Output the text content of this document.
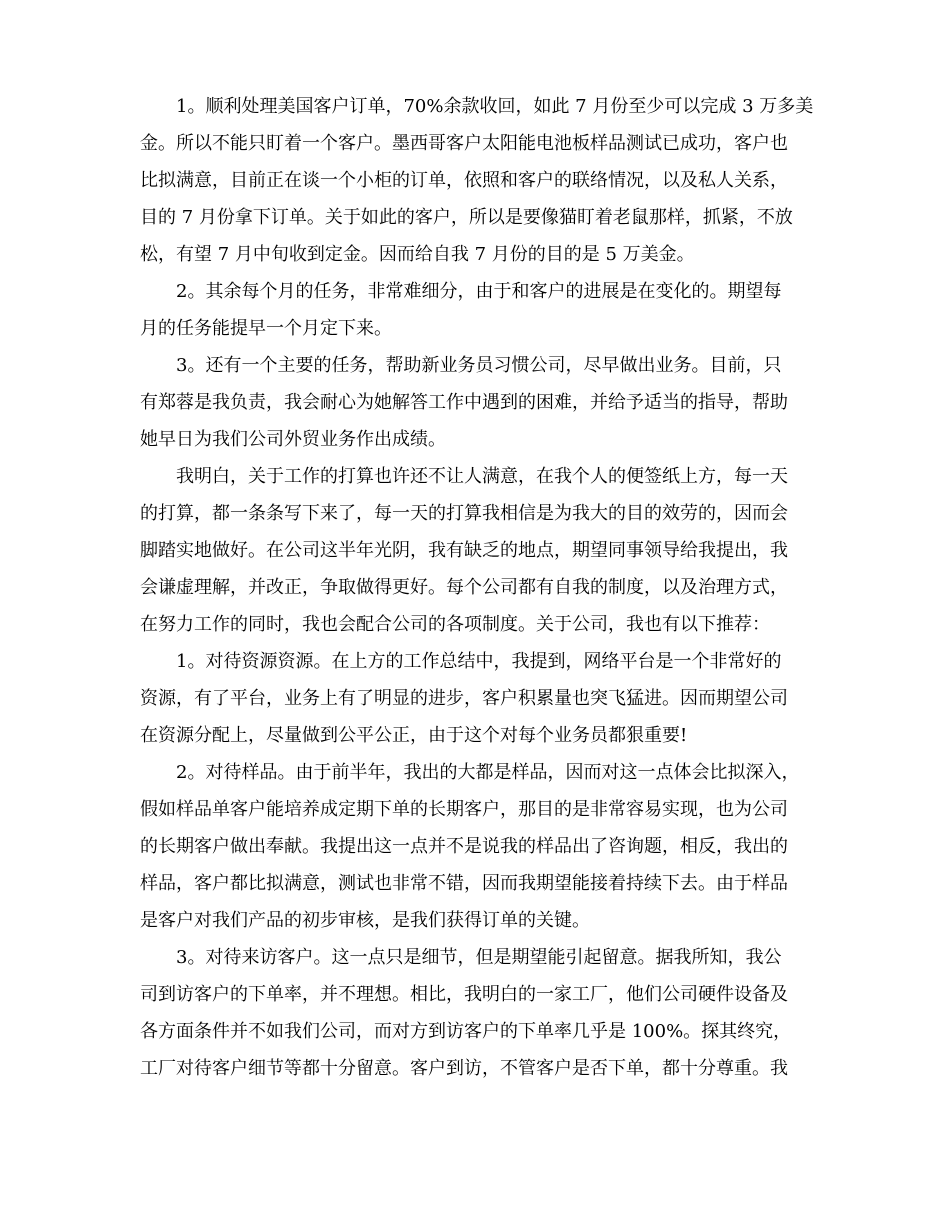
1。顺利处理美国客户订单，70%余款收回，如此 7 月份至少可以完成 3 万多美
金。所以不能只盯着一个客户。墨西哥客户太阳能电池板样品测试已成功，客户也
比拟满意，目前正在谈一个小柜的订单，依照和客户的联络情况，以及私人关系，
目的 7 月份拿下订单。关于如此的客户，所以是要像猫盯着老鼠那样，抓紧，不放
松，有望 7 月中旬收到定金。因而给自我 7 月份的目的是 5 万美金。
2。其余每个月的任务，非常难细分，由于和客户的进展是在变化的。期望每
月的任务能提早一个月定下来。
3。还有一个主要的任务，帮助新业务员习惯公司，尽早做出业务。目前，只
有郑蓉是我负责，我会耐心为她解答工作中遇到的困难，并给予适当的指导，帮助
她早日为我们公司外贸业务作出成绩。
我明白，关于工作的打算也许还不让人满意，在我个人的便签纸上方，每一天
的打算，都一条条写下来了，每一天的打算我相信是为我大的目的效劳的，因而会
脚踏实地做好。在公司这半年光阴，我有缺乏的地点，期望同事领导给我提出，我
会谦虚理解，并改正，争取做得更好。每个公司都有自我的制度，以及治理方式，
在努力工作的同时，我也会配合公司的各项制度。关于公司，我也有以下推荐：
1。对待资源资源。在上方的工作总结中，我提到，网络平台是一个非常好的
资源，有了平台，业务上有了明显的进步，客户积累量也突飞猛进。因而期望公司
在资源分配上，尽量做到公平公正，由于这个对每个业务员都狠重要!
2。对待样品。由于前半年，我出的大都是样品，因而对这一点体会比拟深入，
假如样品单客户能培养成定期下单的长期客户，那目的是非常容易实现，也为公司
的长期客户做出奉献。我提出这一点并不是说我的样品出了咨询题，相反，我出的
样品，客户都比拟满意，测试也非常不错，因而我期望能接着持续下去。由于样品
是客户对我们产品的初步审核，是我们获得订单的关键。
3。对待来访客户。这一点只是细节，但是期望能引起留意。据我所知，我公
司到访客户的下单率，并不理想。相比，我明白的一家工厂，他们公司硬件设备及
各方面条件并不如我们公司，而对方到访客户的下单率几乎是 100%。探其终究，
工厂对待客户细节等都十分留意。客户到访，不管客户是否下单，都十分尊重。我
